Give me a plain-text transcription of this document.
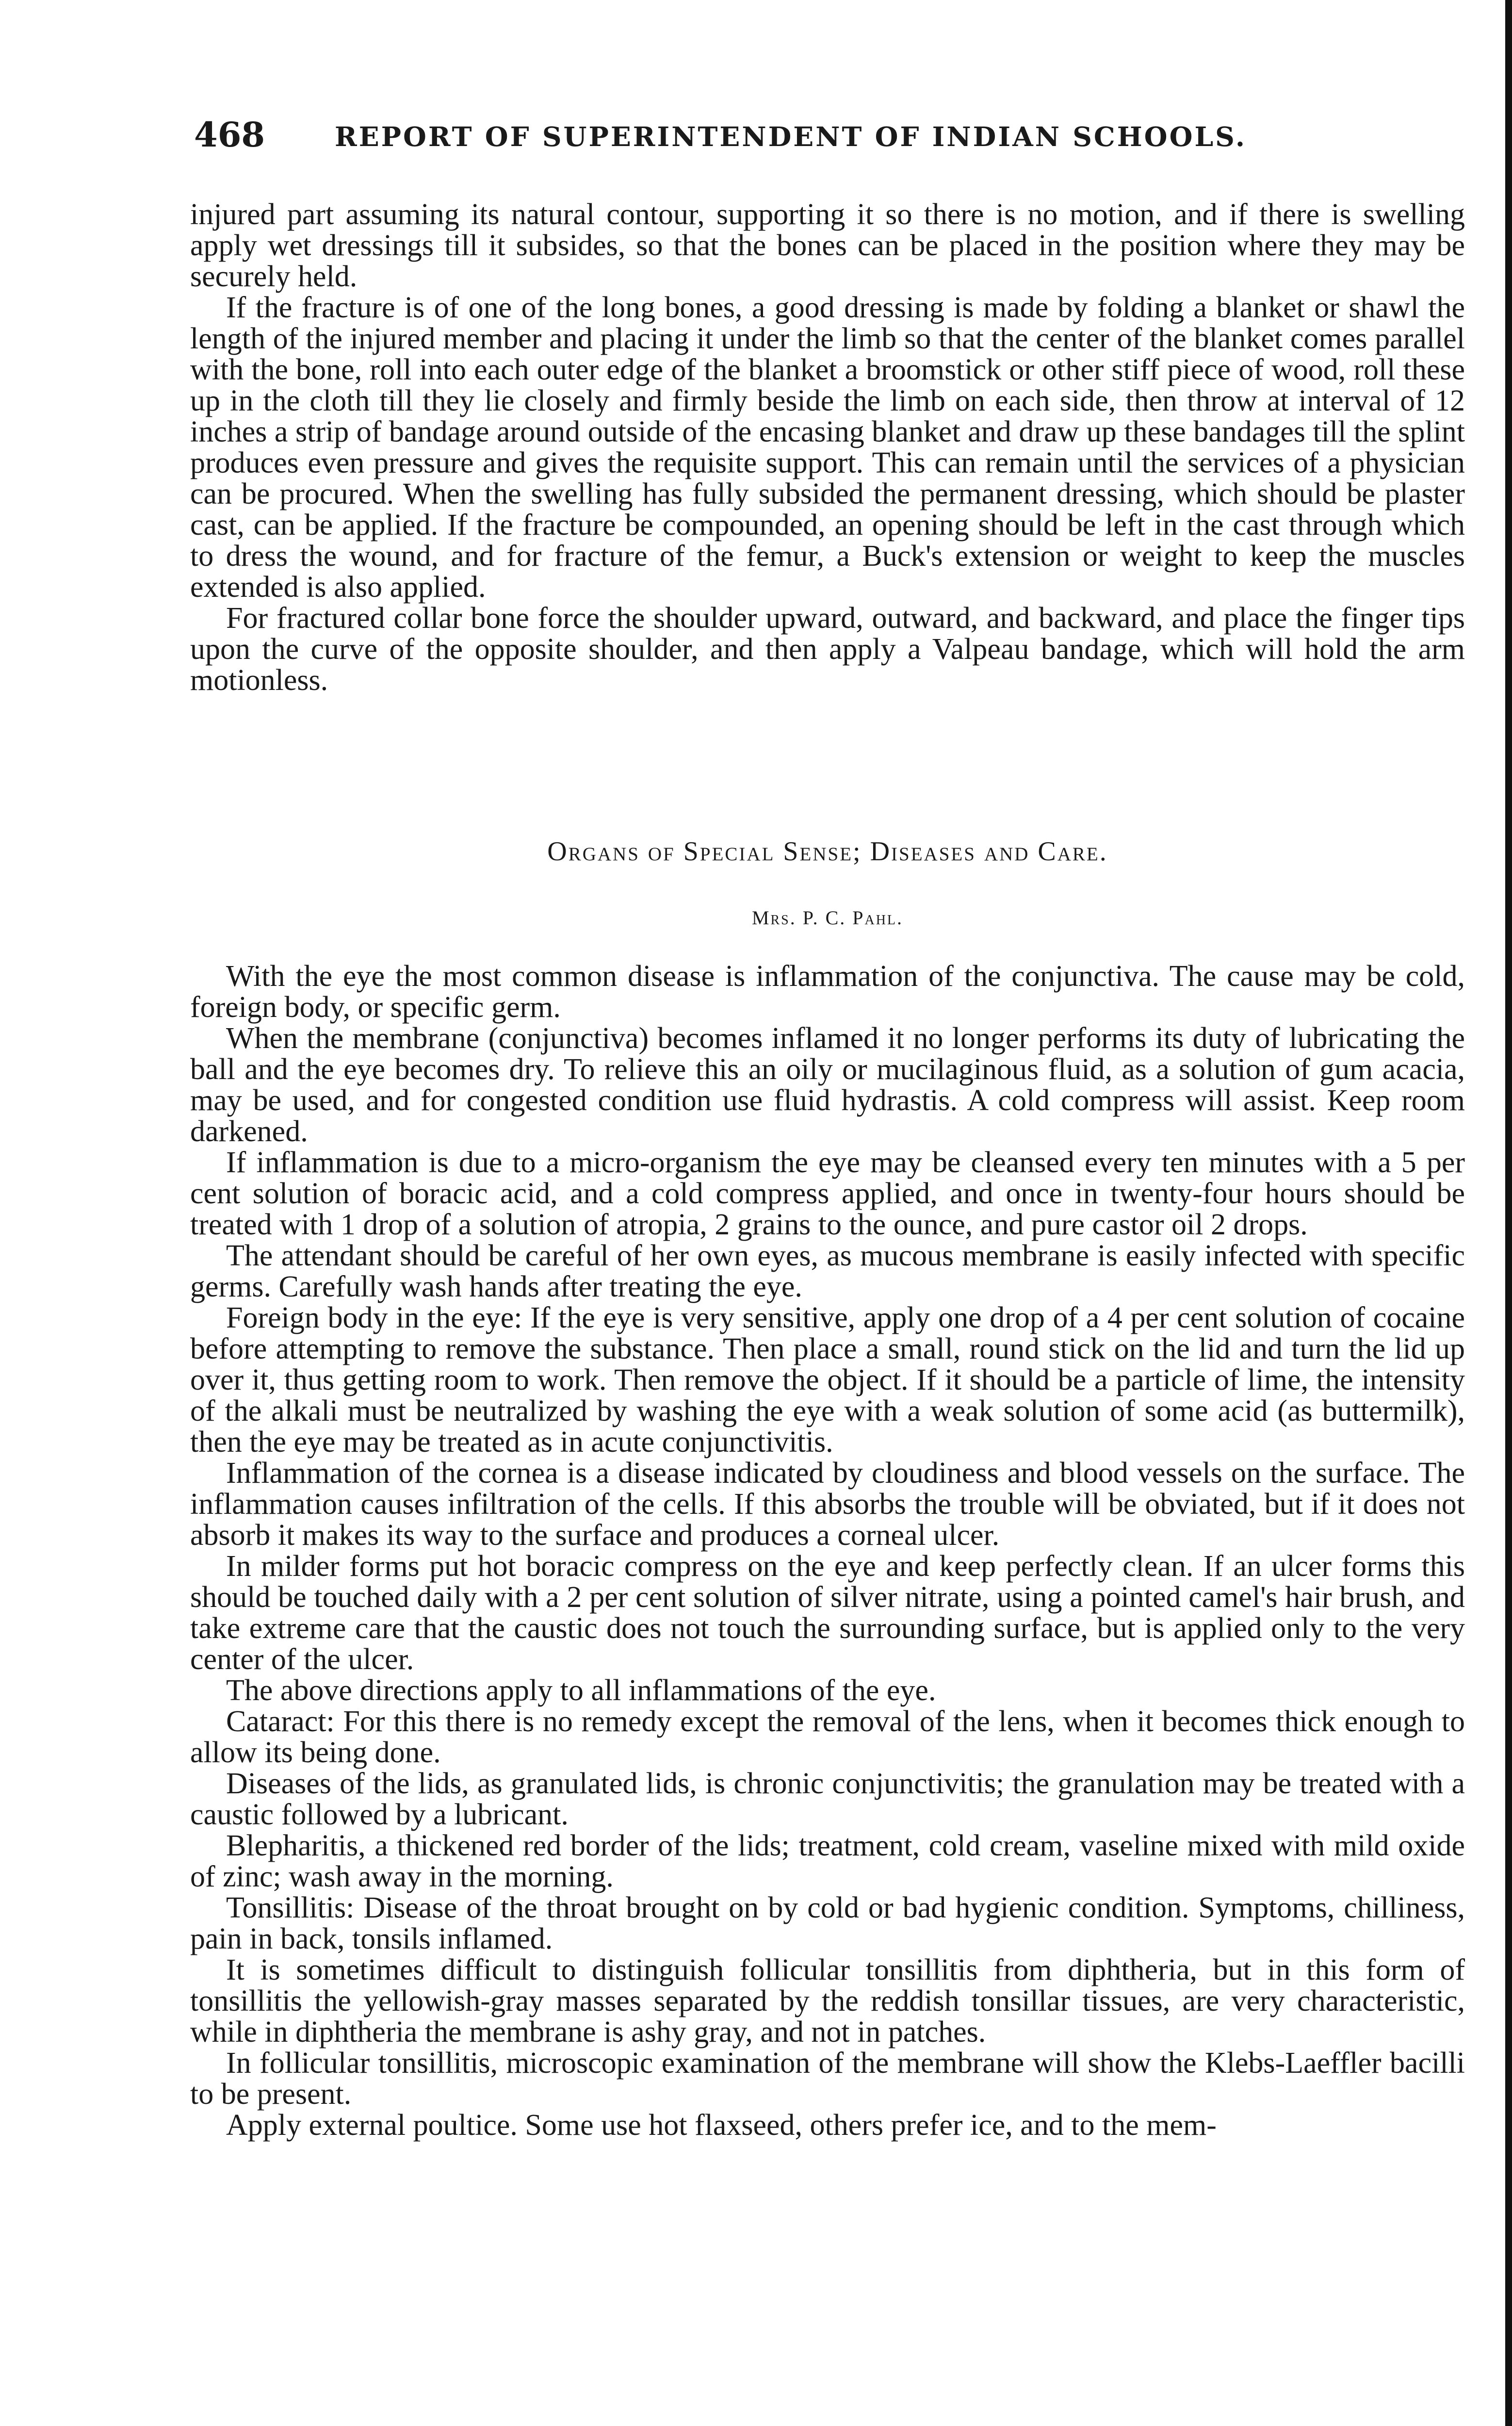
468	REPORT OF SUPERINTENDENT OF INDIAN SCHOOLS.

injured part assuming its natural contour, supporting it so there is no motion, and if there is swelling apply wet dressings till it subsides, so that the bones can be placed in the position where they may be securely held.

If the fracture is of one of the long bones, a good dressing is made by folding a blanket or shawl the length of the injured member and placing it under the limb so that the center of the blanket comes parallel with the bone, roll into each outer edge of the blanket a broomstick or other stiff piece of wood, roll these up in the cloth till they lie closely and firmly beside the limb on each side, then throw at interval of 12 inches a strip of bandage around outside of the encasing blanket and draw up these bandages till the splint produces even pressure and gives the requisite support. This can remain until the services of a physician can be procured. When the swelling has fully subsided the permanent dressing, which should be plaster cast, can be applied. If the fracture be compounded, an opening should be left in the cast through which to dress the wound, and for fracture of the femur, a Buck's extension or weight to keep the muscles extended is also applied.

For fractured collar bone force the shoulder upward, outward, and backward, and place the finger tips upon the curve of the opposite shoulder, and then apply a Valpeau bandage, which will hold the arm motionless.

Organs of Special Sense; Diseases and Care.
Mrs. P. C. Pahl.

With the eye the most common disease is inflammation of the conjunctiva. The cause may be cold, foreign body, or specific germ.

When the membrane (conjunctiva) becomes inflamed it no longer performs its duty of lubricating the ball and the eye becomes dry. To relieve this an oily or mucilaginous fluid, as a solution of gum acacia, may be used, and for congested condition use fluid hydrastis. A cold compress will assist. Keep room darkened.

If inflammation is due to a micro-organism the eye may be cleansed every ten minutes with a 5 per cent solution of boracic acid, and a cold compress applied, and once in twenty-four hours should be treated with 1 drop of a solution of atropia, 2 grains to the ounce, and pure castor oil 2 drops.

The attendant should be careful of her own eyes, as mucous membrane is easily infected with specific germs. Carefully wash hands after treating the eye.

Foreign body in the eye: If the eye is very sensitive, apply one drop of a 4 per cent solution of cocaine before attempting to remove the substance. Then place a small, round stick on the lid and turn the lid up over it, thus getting room to work. Then remove the object. If it should be a particle of lime, the intensity of the alkali must be neutralized by washing the eye with a weak solution of some acid (as buttermilk), then the eye may be treated as in acute conjunctivitis.

Inflammation of the cornea is a disease indicated by cloudiness and blood vessels on the surface. The inflammation causes infiltration of the cells. If this absorbs the trouble will be obviated, but if it does not absorb it makes its way to the surface and produces a corneal ulcer.

In milder forms put hot boracic compress on the eye and keep perfectly clean. If an ulcer forms this should be touched daily with a 2 per cent solution of silver nitrate, using a pointed camel's hair brush, and take extreme care that the caustic does not touch the surrounding surface, but is applied only to the very center of the ulcer.

The above directions apply to all inflammations of the eye.

Cataract: For this there is no remedy except the removal of the lens, when it becomes thick enough to allow its being done.

Diseases of the lids, as granulated lids, is chronic conjunctivitis; the granulation may be treated with a caustic followed by a lubricant.

Blepharitis, a thickened red border of the lids; treatment, cold cream, vaseline mixed with mild oxide of zinc; wash away in the morning.

Tonsillitis: Disease of the throat brought on by cold or bad hygienic condition. Symptoms, chilliness, pain in back, tonsils inflamed.

It is sometimes difficult to distinguish follicular tonsillitis from diphtheria, but in this form of tonsillitis the yellowish-gray masses separated by the reddish tonsillar tissues, are very characteristic, while in diphtheria the membrane is ashy gray, and not in patches.

In follicular tonsillitis, microscopic examination of the membrane will show the Klebs-Laeffler bacilli to be present.

Apply external poultice. Some use hot flaxseed, others prefer ice, and to the mem-
